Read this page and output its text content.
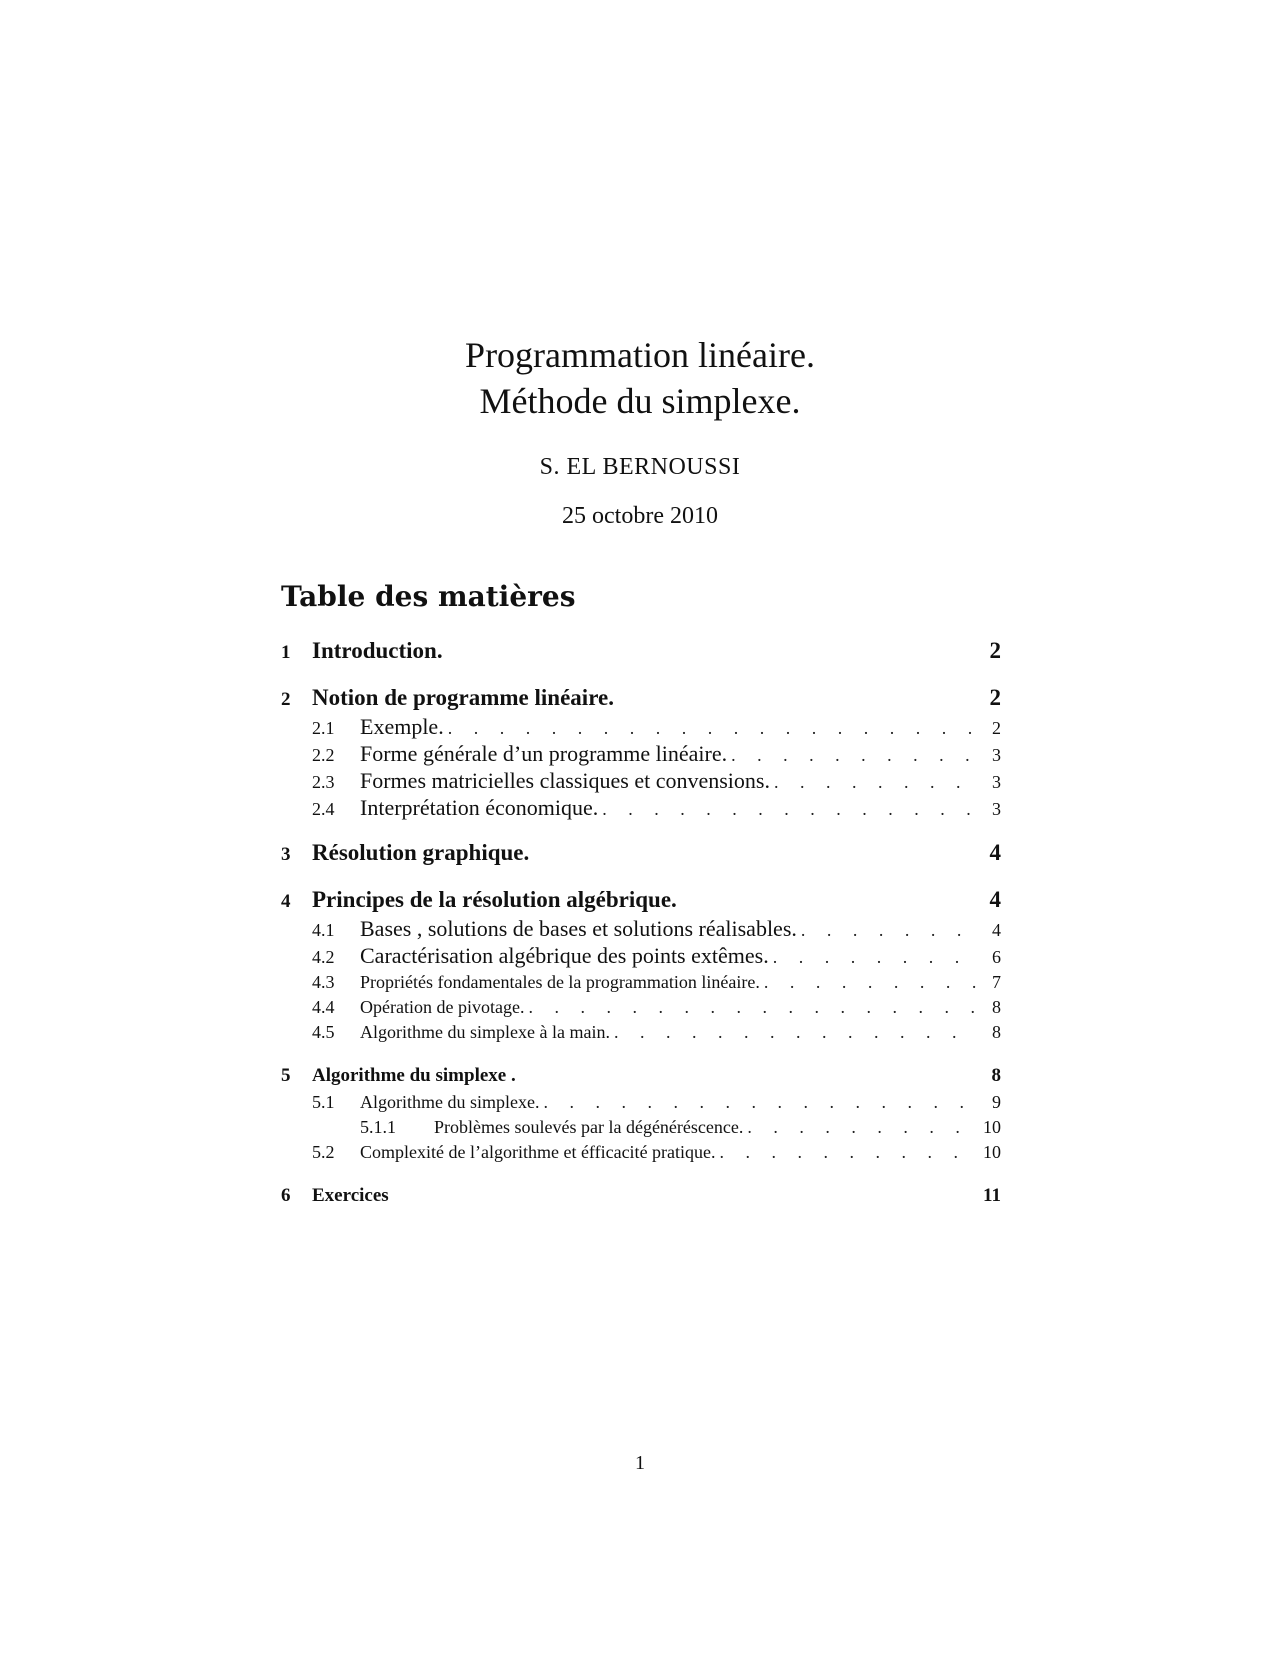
Programmation linéaire.
Méthode du simplexe.
S. EL BERNOUSSI
25 octobre 2010
Table des matières
1 Introduction.	2
2 Notion de programme linéaire.	2
2.1	Exemple. . . .	2
2.2	Forme générale d’un programme linéaire. . . .	3
2.3	Formes matricielles classiques et convensions. . . .	3
2.4	Interprétation économique. . . .	3
3 Résolution graphique.	4
4 Principes de la résolution algébrique.	4
4.1	Bases , solutions de bases et solutions réalisables. . . .	4
4.2	Caractérisation algébrique des points extêmes. . . .	6
4.3	Propriétés fondamentales de la programmation linéaire. . . .	7
4.4	Opération de pivotage. . . .	8
4.5	Algorithme du simplexe à la main. . . .	8
5	Algorithme du simplexe .	8
5.1	Algorithme du simplexe. . . .	9
5.1.1	Problèmes soulevés par la dégénéréscence. . . .	10
5.2	Complexité de l’algorithme et éfficacité pratique. . . .	10
6	Exercices	11
1
